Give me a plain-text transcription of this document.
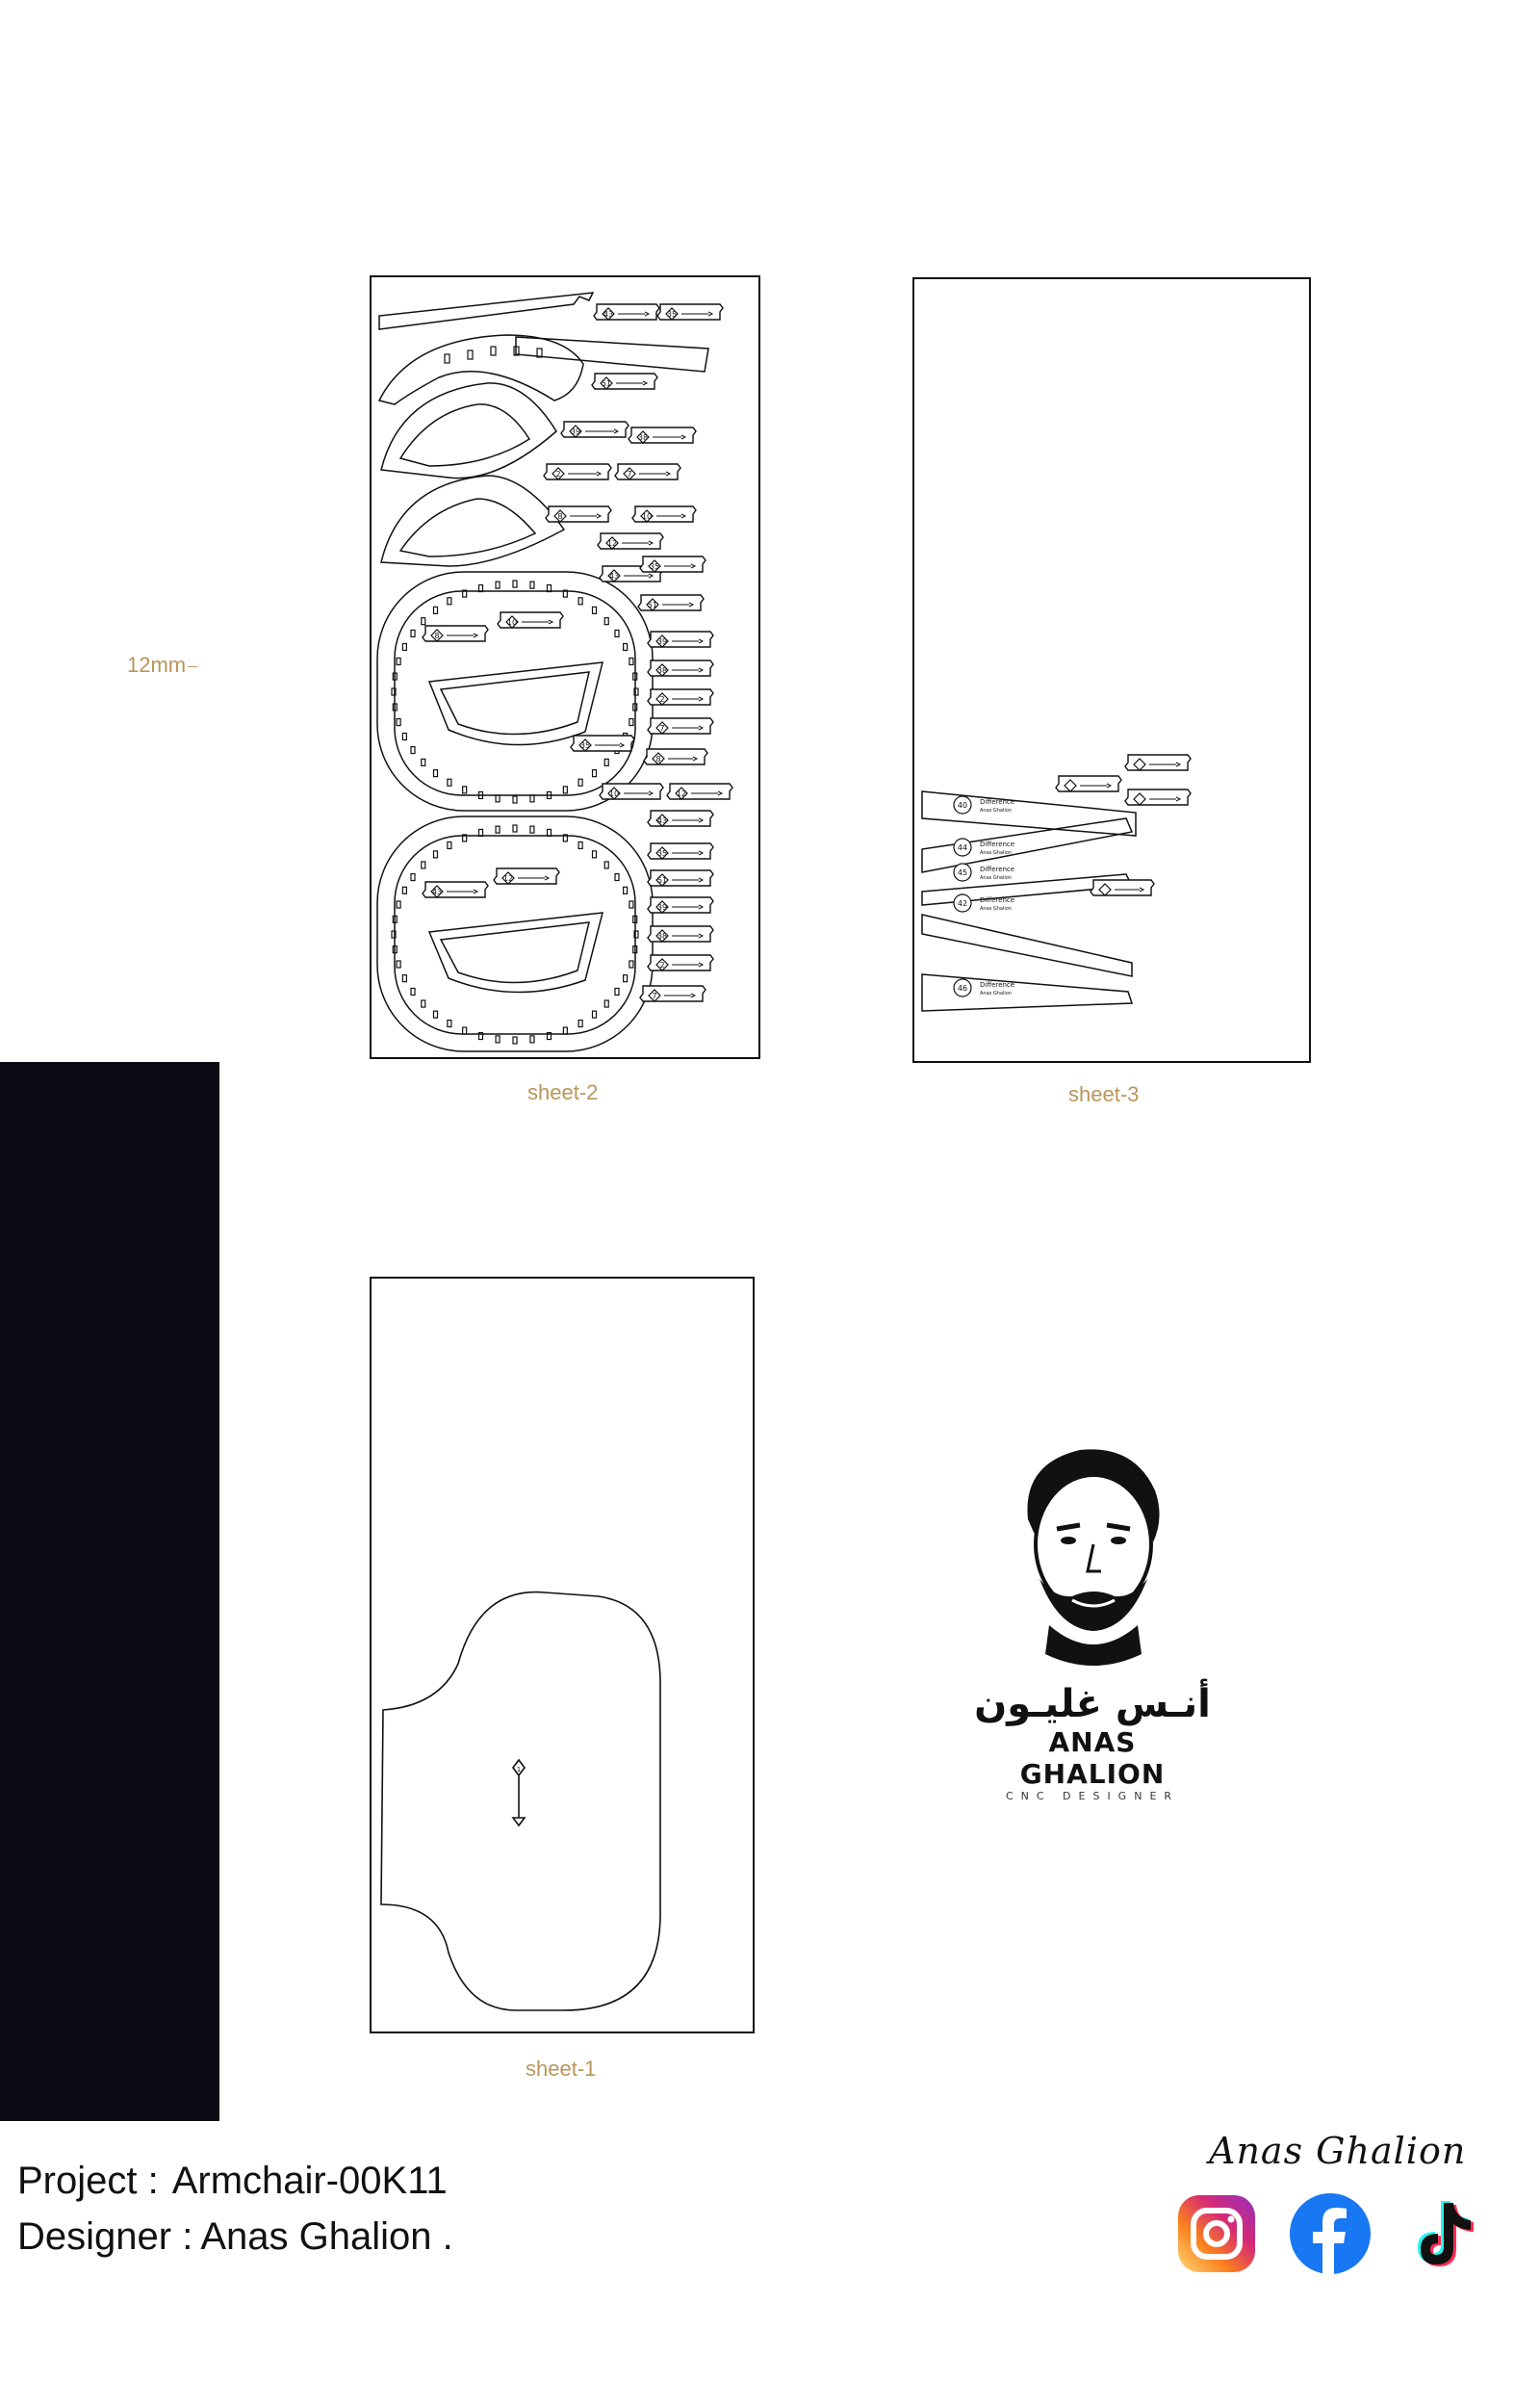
12mm
43	35
51
39
38
2	7
8	10
12
43
35
51
39
38
2
7
8
10	12
43
35
51
39
38
2
7
8
10
12
43
35
sheet-2
40 Difference
Anas Ghalion
44 Difference
Anas Ghalion
45 Difference
Anas Ghalion
42 Difference
Anas Ghalion
46 Difference
Anas Ghalion
sheet-3
1
sheet-1
أنـس غليـون
ANAS GHALION
CNC DESIGNER
Project : Armchair-00K11
Designer : Anas Ghalion .
Anas Ghalion
